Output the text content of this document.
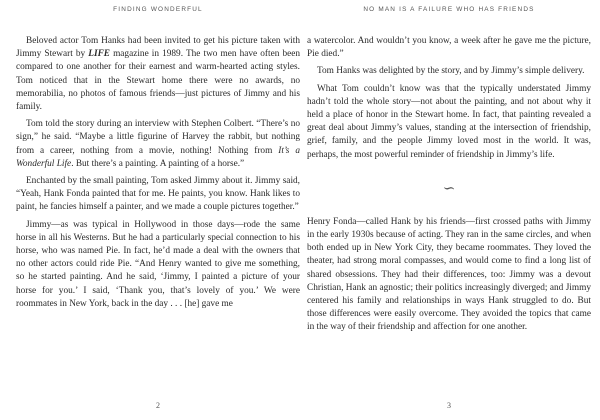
FINDING WONDERFUL

Beloved actor Tom Hanks had been invited to get his picture taken with Jimmy Stewart by LIFE magazine in 1989. The two men have often been compared to one another for their earnest and warm-hearted acting styles. Tom noticed that in the Stewart home there were no awards, no memorabilia, no photos of famous friends—just pictures of Jimmy and his family.

Tom told the story during an interview with Stephen Colbert. “There’s no sign,” he said. “Maybe a little figurine of Harvey the rabbit, but nothing from a career, nothing from a movie, nothing! Nothing from It’s a Wonderful Life. But there’s a painting. A painting of a horse.”

Enchanted by the small painting, Tom asked Jimmy about it. Jimmy said, “Yeah, Hank Fonda painted that for me. He paints, you know. Hank likes to paint, he fancies himself a painter, and we made a couple pictures together.”

Jimmy—as was typical in Hollywood in those days—rode the same horse in all his Westerns. But he had a particularly special connection to his horse, who was named Pie. In fact, he’d made a deal with the owners that no other actors could ride Pie. “And Henry wanted to give me something, so he started painting. And he said, ‘Jimmy, I painted a picture of your horse for you.’ I said, ‘Thank you, that’s lovely of you.’ We were roommates in New York, back in the day . . . [he] gave me

2
NO MAN IS A FAILURE WHO HAS FRIENDS

a watercolor. And wouldn’t you know, a week after he gave me the picture, Pie died.”

Tom Hanks was delighted by the story, and by Jimmy’s simple delivery.

What Tom couldn’t know was that the typically understated Jimmy hadn’t told the whole story—not about the painting, and not about why it held a place of honor in the Stewart home. In fact, that painting revealed a great deal about Jimmy’s values, standing at the intersection of friendship, grief, family, and the people Jimmy loved most in the world. It was, perhaps, the most powerful reminder of friendship in Jimmy’s life.

∽

Henry Fonda—called Hank by his friends—first crossed paths with Jimmy in the early 1930s because of acting. They ran in the same circles, and when both ended up in New York City, they became roommates. They loved the theater, had strong moral compasses, and would come to find a long list of shared obsessions. They had their differences, too: Jimmy was a devout Christian, Hank an agnostic; their politics increasingly diverged; and Jimmy centered his family and relationships in ways Hank struggled to do. But those differences were easily overcome. They avoided the topics that came in the way of their friendship and affection for one another.

3
